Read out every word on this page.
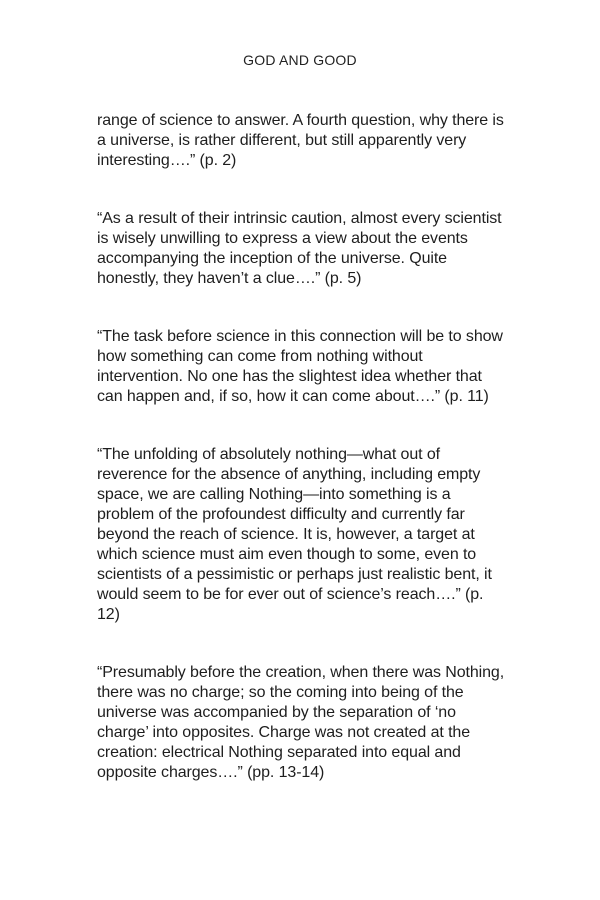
GOD AND GOOD

range of science to answer. A fourth question, why there is a universe, is rather different, but still apparently very interesting….” (p. 2)

“As a result of their intrinsic caution, almost every scientist is wisely unwilling to express a view about the events accompanying the inception of the universe. Quite honestly, they haven’t a clue….” (p. 5)

“The task before science in this connection will be to show how something can come from nothing without intervention. No one has the slightest idea whether that can happen and, if so, how it can come about….” (p. 11)

“The unfolding of absolutely nothing—what out of reverence for the absence of anything, including empty space, we are calling Nothing—into something is a problem of the profoundest difficulty and currently far beyond the reach of science. It is, however, a target at which science must aim even though to some, even to scientists of a pessimistic or perhaps just realistic bent, it would seem to be for ever out of science’s reach….” (p. 12)

“Presumably before the creation, when there was Nothing, there was no charge; so the coming into being of the universe was accompanied by the separation of ‘no charge’ into opposites. Charge was not created at the creation: electrical Nothing separated into equal and opposite charges….” (pp. 13-14)
